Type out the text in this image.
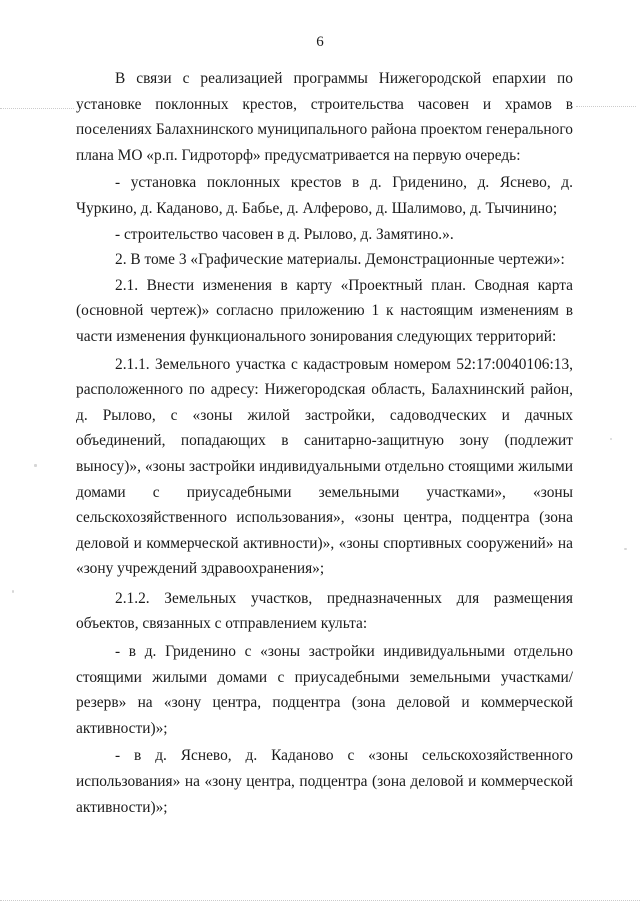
6

В связи с реализацией программы Нижегородской епархии по установке поклонных крестов, строительства часовен и храмов в поселениях Балахнинского муниципального района проектом генерального плана МО «р.п. Гидроторф» предусматривается на первую очередь:

- установка поклонных крестов в д. Гриденино, д. Яснево, д. Чуркино, д. Кадановo, д. Бабье, д. Алферово, д. Шалимово, д. Тычинино;

- строительство часовен в д. Рылово, д. Замятино.».

2. В томе 3 «Графические материалы. Демонстрационные чертежи»:

2.1. Внести изменения в карту «Проектный план. Сводная карта (основной чертеж)» согласно приложению 1 к настоящим изменениям в части изменения функционального зонирования следующих территорий:

2.1.1. Земельного участка с кадастровым номером 52:17:0040106:13, расположенного по адресу: Нижегородская область, Балахнинский район, д. Рылово, с «зоны жилой застройки, садоводческих и дачных объединений, попадающих в санитарно-защитную зону (подлежит выносу)», «зоны застройки индивидуальными отдельно стоящими жилыми домами с приусадебными земельными участками», «зоны сельскохозяйственного использования», «зоны центра, подцентра (зона деловой и коммерческой активности)», «зоны спортивных сооружений» на «зону учреждений здравоохранения»;

2.1.2. Земельных участков, предназначенных для размещения объектов, связанных с отправлением культа:

- в д. Гриденино с «зоны застройки индивидуальными отдельно стоящими жилыми домами с приусадебными земельными участками/резерв» на «зону центра, подцентра (зона деловой и коммерческой активности)»;

- в д. Яснево, д. Кадановo с «зоны сельскохозяйственного использования» на «зону центра, подцентра (зона деловой и коммерческой активности)»;
